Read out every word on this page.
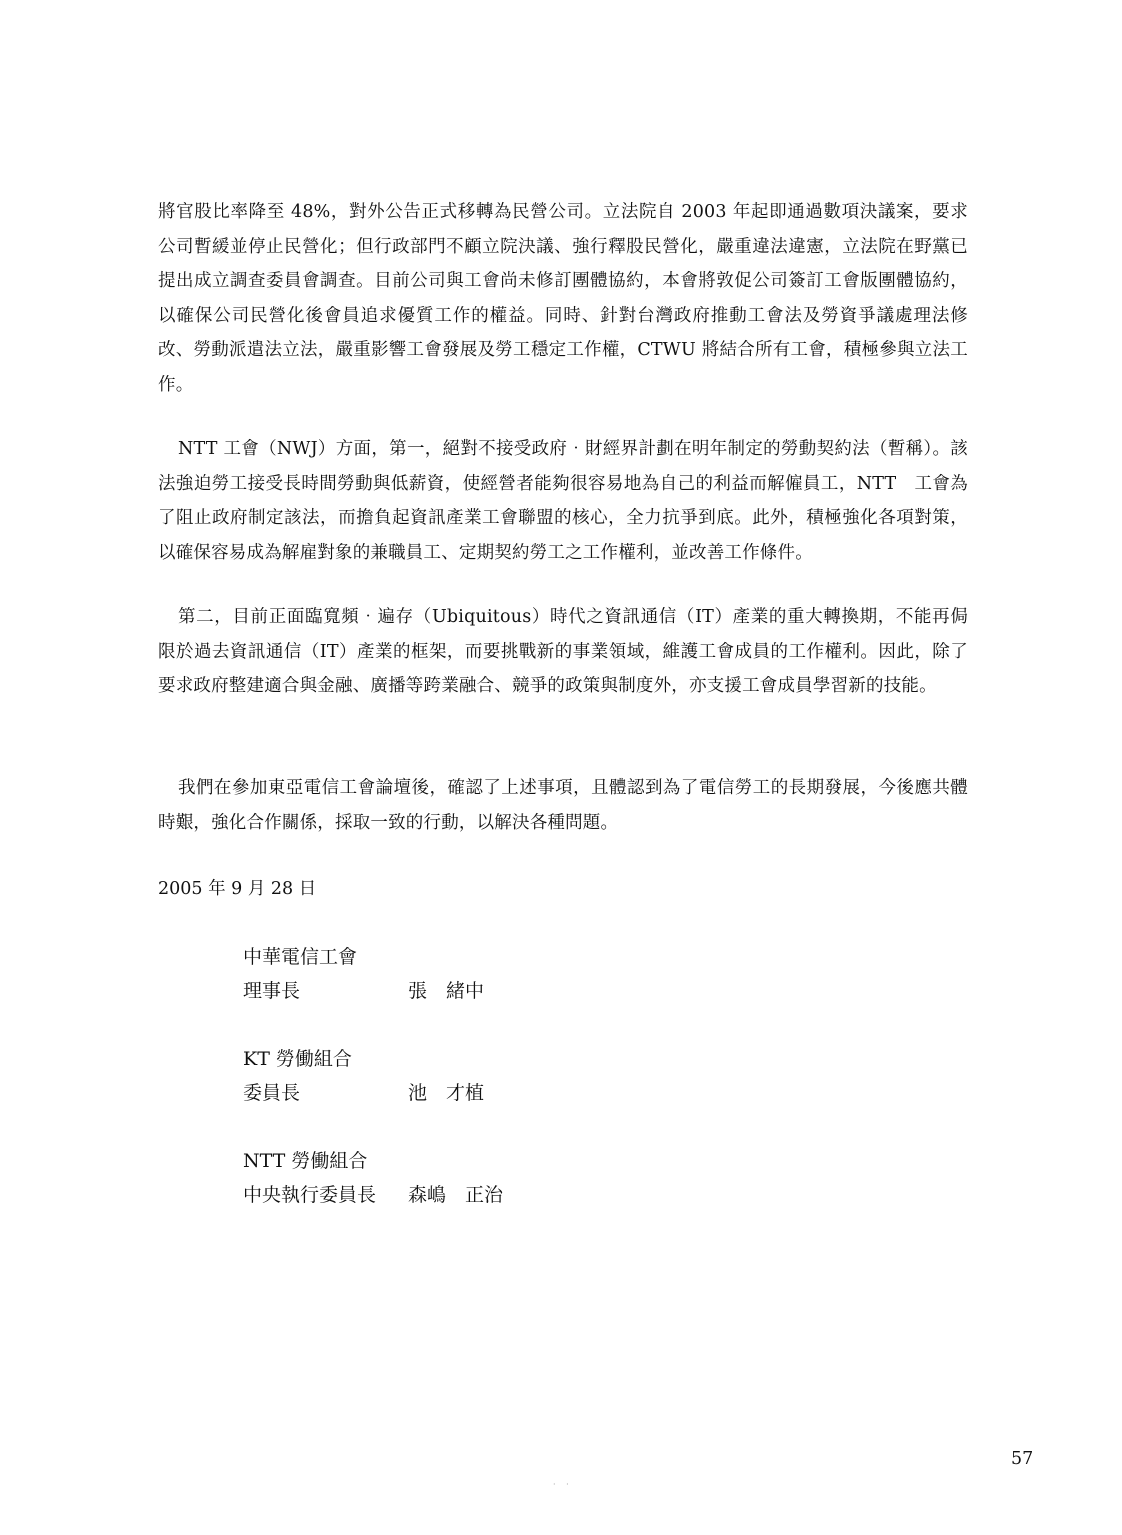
將官股比率降至 48%，對外公告正式移轉為民營公司。立法院自 2003 年起即通過數項決議案，要求公司暫緩並停止民營化；但行政部門不顧立院決議、強行釋股民營化，嚴重違法違憲，立法院在野黨已提出成立調查委員會調查。目前公司與工會尚未修訂團體協約，本會將敦促公司簽訂工會版團體協約，以確保公司民營化後會員追求優質工作的權益。同時、針對台灣政府推動工會法及勞資爭議處理法修改、勞動派遣法立法，嚴重影響工會發展及勞工穩定工作權，CTWU 將結合所有工會，積極參與立法工作。

NTT 工會（NWJ）方面，第一，絕對不接受政府‧財經界計劃在明年制定的勞動契約法（暫稱）。該法強迫勞工接受長時間勞動與低薪資，使經營者能夠很容易地為自己的利益而解僱員工，NTT　工會為了阻止政府制定該法，而擔負起資訊產業工會聯盟的核心，全力抗爭到底。此外，積極強化各項對策，以確保容易成為解雇對象的兼職員工、定期契約勞工之工作權利，並改善工作條件。

第二，目前正面臨寬頻‧遍存（Ubiquitous）時代之資訊通信（IT）產業的重大轉換期，不能再侷限於過去資訊通信（IT）產業的框架，而要挑戰新的事業領域，維護工會成員的工作權利。因此，除了要求政府整建適合與金融、廣播等跨業融合、競爭的政策與制度外，亦支援工會成員學習新的技能。

我們在參加東亞電信工會論壇後，確認了上述事項，且體認到為了電信勞工的長期發展，今後應共體時艱，強化合作關係，採取一致的行動，以解決各種問題。

2005 年 9 月 28 日
中華電信工會
理事長	張　緒中
KT 勞働組合
委員長	池　才植
NTT 勞働組合
中央執行委員長 森嶋　正治
57
· ·
